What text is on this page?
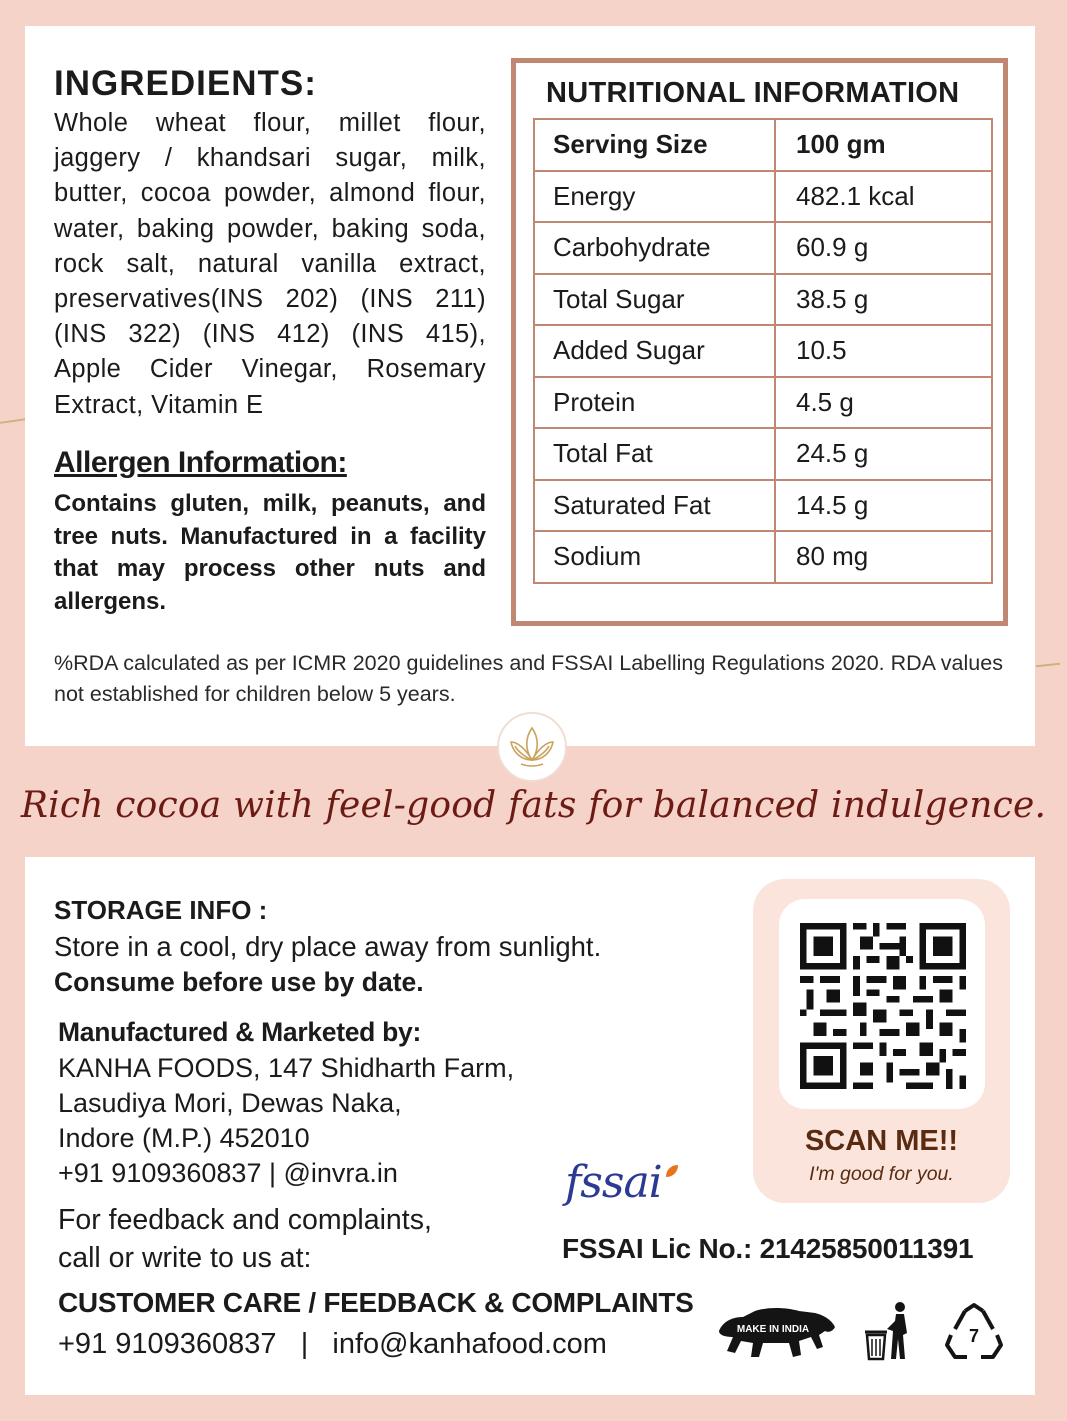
INGREDIENTS:

Whole wheat flour, millet flour, jaggery / khandsari sugar, milk, butter, cocoa powder, almond flour, water, baking powder, baking soda, rock salt, natural vanilla extract, preservatives(INS 202) (INS 211) (INS 322) (INS 412) (INS 415), Apple Cider Vinegar, Rosemary Extract, Vitamin E

Allergen Information:

Contains gluten, milk, peanuts, and tree nuts. Manufactured in a facility that may process other nuts and allergens.

NUTRITIONAL INFORMATION
Serving Size	100 gm
Energy	482.1 kcal
Carbohydrate	60.9 g
Total Sugar	38.5 g
Added Sugar	10.5
Protein	4.5 g
Total Fat	24.5 g
Saturated Fat	14.5 g
Sodium	80 mg

%RDA calculated as per ICMR 2020 guidelines and FSSAI Labelling Regulations 2020. RDA values not established for children below 5 years.

Rich cocoa with feel-good fats for balanced indulgence.

STORAGE INFO :

Store in a cool, dry place away from sunlight.

Consume before use by date.

Manufactured & Marketed by:

KANHA FOODS, 147 Shidharth Farm,
Lasudiya Mori, Dewas Naka,
Indore (M.P.) 452010
+91 9109360837 | @invra.in
For feedback and complaints,
call or write to us at:

CUSTOMER CARE / FEEDBACK & COMPLAINTS

+91 9109360837   |   info@kanhafood.com

SCAN ME!!

I'm good for you.

fssai

FSSAI Lic No.: 21425850011391

MAKE IN INDIA	7
